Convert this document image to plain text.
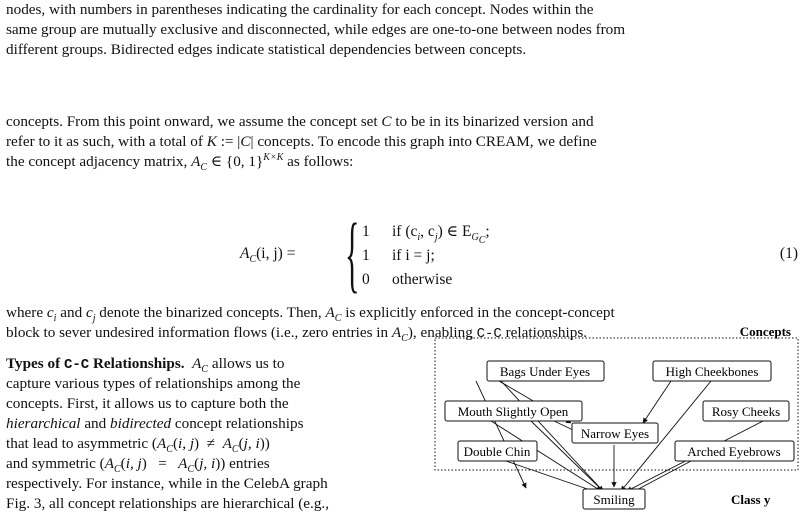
nodes, with numbers in parentheses indicating the cardinality for each concept. Nodes within the

same group are mutually exclusive and disconnected, while edges are one-to-one between nodes from

different groups. Bidirected edges indicate statistical dependencies between concepts.

concepts. From this point onward, we assume the concept set C to be in its binarized version and

refer to it as such, with a total of K := |C| concepts. To encode this graph into CREAM, we define

the concept adjacency matrix, $A_C$ ∈ {0, 1}$^{K\times K}$ as follows:

$A_C(i$, j) = { 1 if ($c_i$, $c_j$) ∈ $E_{G_C}$;
1 if i = j;
0 otherwise
(1)

where $c_i$ and $c_j$ denote the binarized concepts. Then, $A_C$ is explicitly enforced in the concept-concept

block to sever undesired information flows (i.e., zero entries in $A_C$), enabling C-C relationships.

Types of C-C Relationships. $A_C$ allows us to

capture various types of relationships among the

concepts. First, it allows us to capture both the

hierarchical and bidirected concept relationships

that lead to asymmetric ($A_C(i$, $j) \ne A_C(j$, i))

and symmetric ($A_C(i$, $j) = A_C(j$, i)) entries

respectively. For instance, while in the CelebA graph

Fig. 3, all concept relationships are hierarchical (e.g.,

Concepts
Bags Under Eyes	High Cheekbones
Mouth Slightly Open	Rosy Cheeks
Narrow Eyes
Double Chin	Arched Eyebrows
Smiling	Class y
